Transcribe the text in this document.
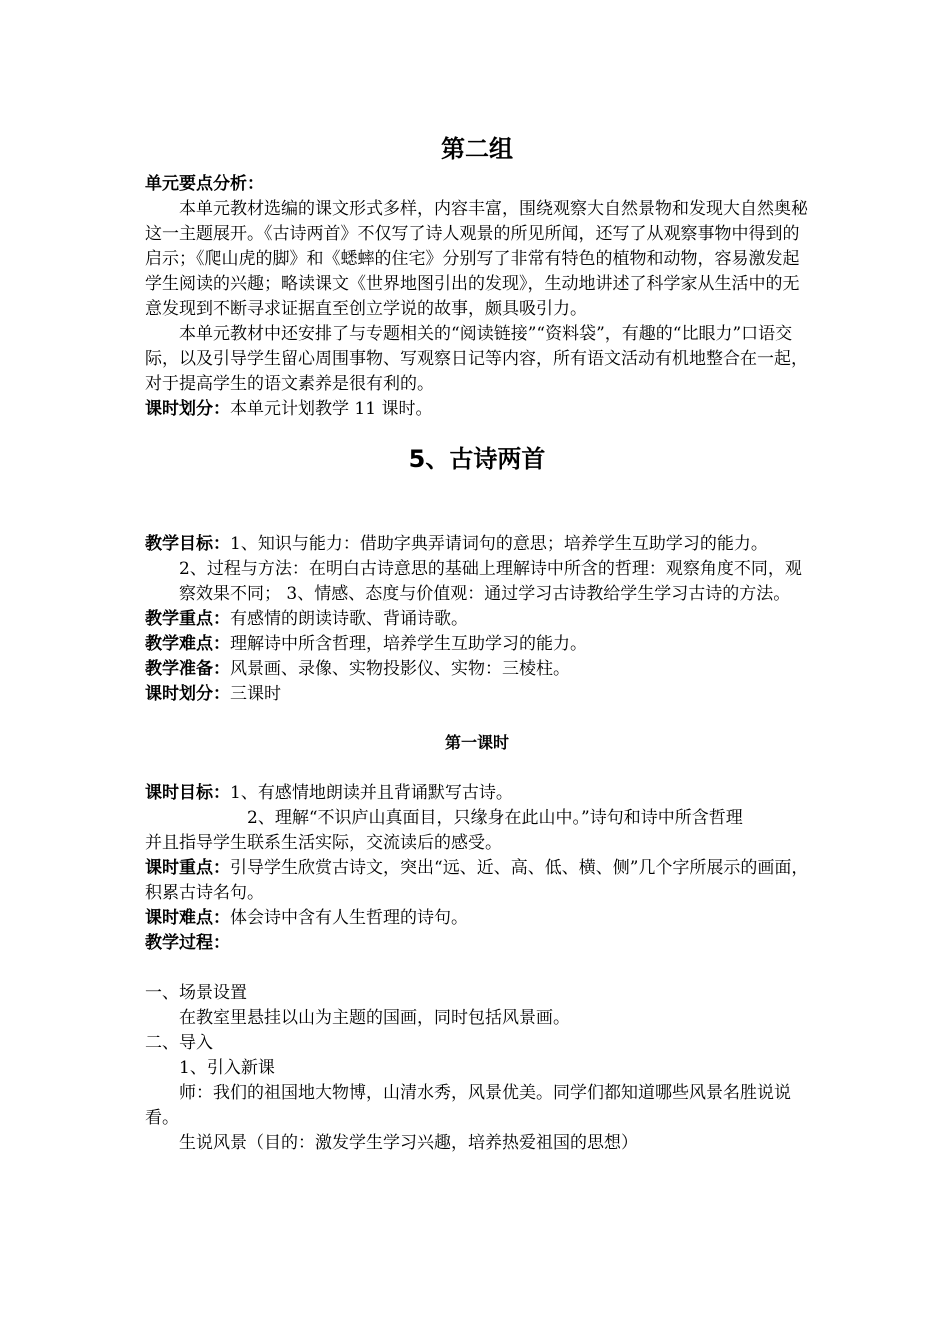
第二组

单元要点分析：

本单元教材选编的课文形式多样，内容丰富，围绕观察大自然景物和发现大自然奥秘这一主题展开。《古诗两首》不仅写了诗人观景的所见所闻，还写了从观察事物中得到的启示；《爬山虎的脚》和《蟋蟀的住宅》分别写了非常有特色的植物和动物，容易激发起学生阅读的兴趣；略读课文《世界地图引出的发现》，生动地讲述了科学家从生活中的无意发现到不断寻求证据直至创立学说的故事，颇具吸引力。

本单元教材中还安排了与专题相关的“阅读链接”“资料袋”，有趣的“比眼力”口语交际，以及引导学生留心周围事物、写观察日记等内容，所有语文活动有机地整合在一起，对于提高学生的语文素养是很有利的。

课时划分：本单元计划教学 11 课时。

5、古诗两首

教学目标：1、知识与能力：借助字典弄请词句的意思；培养学生互助学习的能力。

2、过程与方法：在明白古诗意思的基础上理解诗中所含的哲理：观察角度不同，观察效果不同； 3、情感、态度与价值观：通过学习古诗教给学生学习古诗的方法。

教学重点：有感情的朗读诗歌、背诵诗歌。

教学难点：理解诗中所含哲理，培养学生互助学习的能力。

教学准备：风景画、录像、实物投影仪、实物：三棱柱。

课时划分：三课时

第一课时

课时目标：1、有感情地朗读并且背诵默写古诗。

2、理解“不识庐山真面目，只缘身在此山中。”诗句和诗中所含哲理

并且指导学生联系生活实际，交流读后的感受。

课时重点：引导学生欣赏古诗文，突出“远、近、高、低、横、侧”几个字所展示的画面，积累古诗名句。

课时难点：体会诗中含有人生哲理的诗句。

教学过程：

一、场景设置

在教室里悬挂以山为主题的国画，同时包括风景画。

二、导入

1、引入新课

师：我们的祖国地大物博，山清水秀，风景优美。同学们都知道哪些风景名胜说说看。

生说风景（目的：激发学生学习兴趣，培养热爱祖国的思想）
